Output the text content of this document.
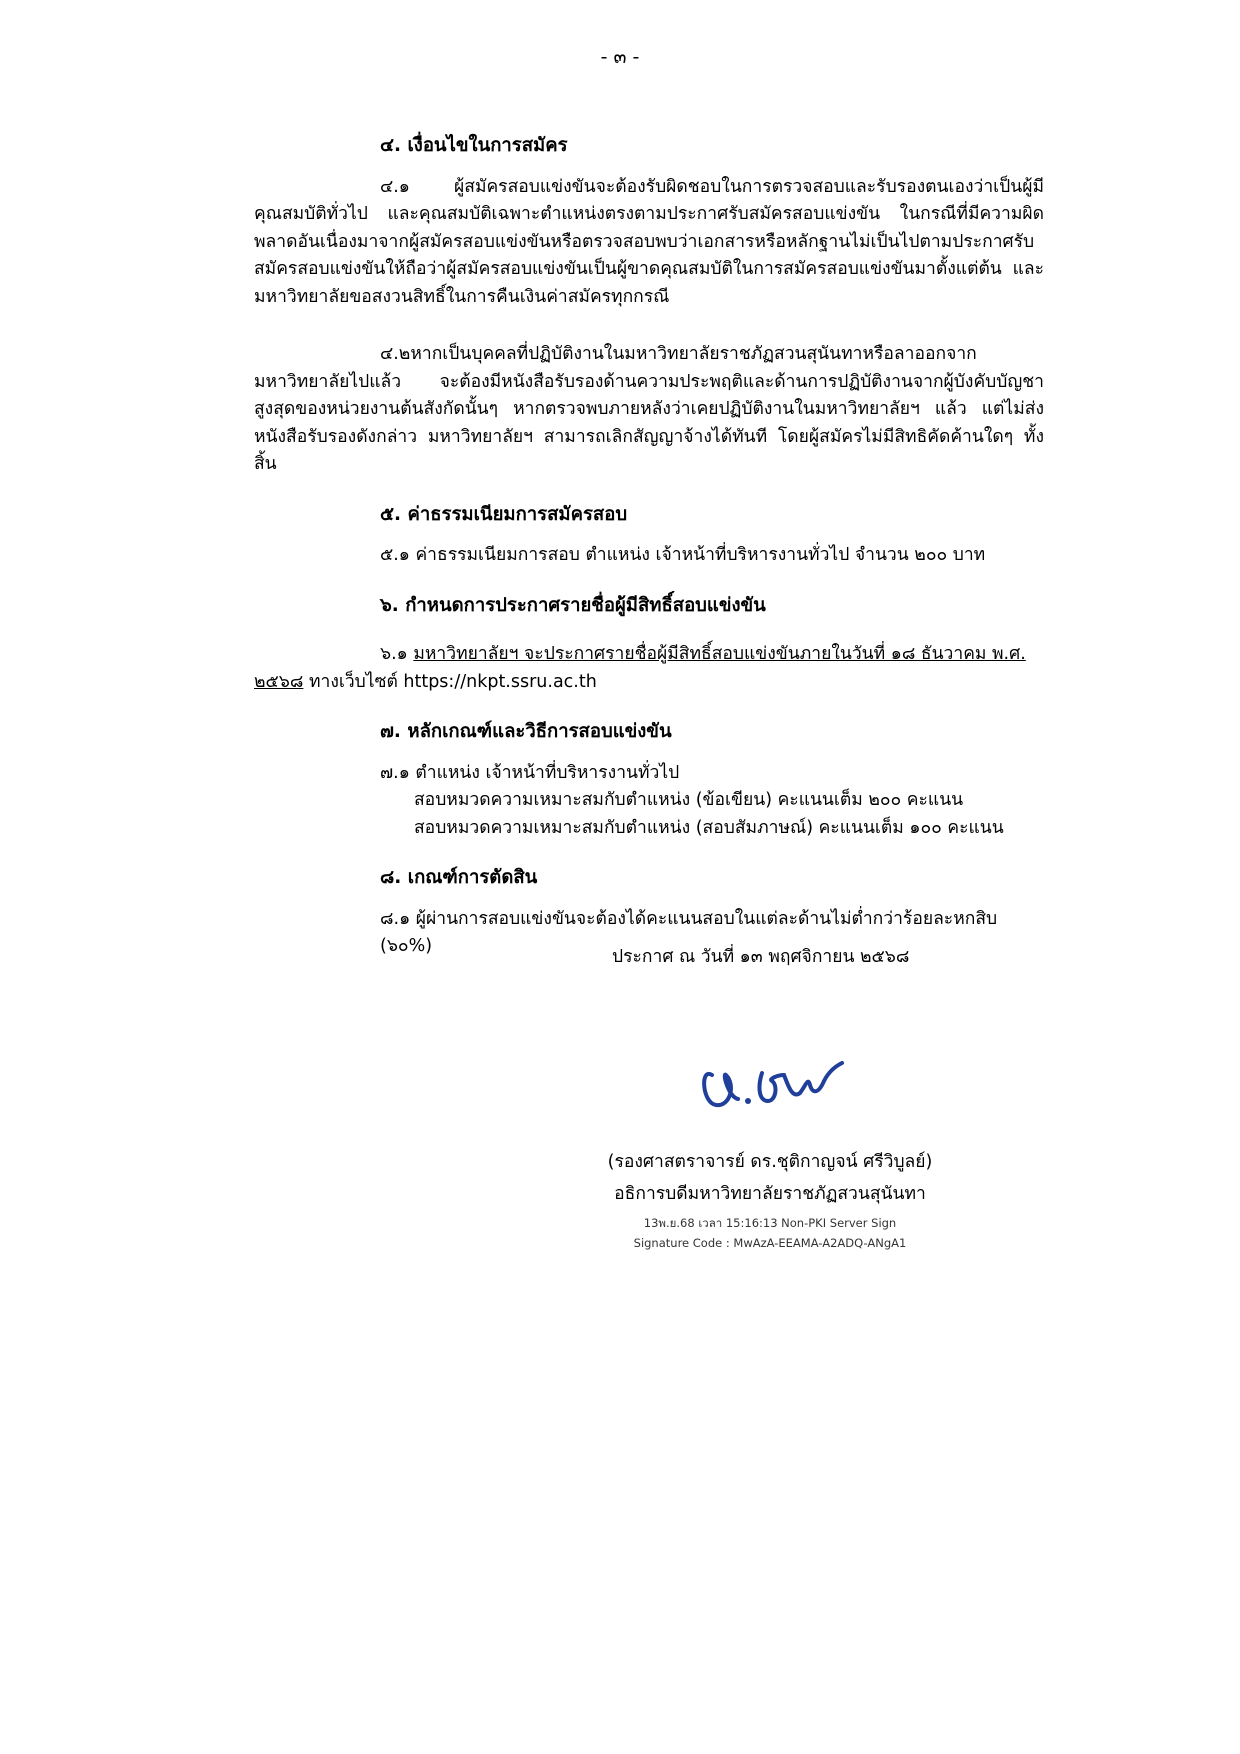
- ๓ -

๔. เงื่อนไขในการสมัคร

๔.๑ ผู้สมัครสอบแข่งขันจะต้องรับผิดชอบในการตรวจสอบและรับรองตนเองว่าเป็นผู้มีคุณสมบัติทั่วไป และคุณสมบัติเฉพาะตำแหน่งตรงตามประกาศรับสมัครสอบแข่งขัน ในกรณีที่มีความผิดพลาดอันเนื่องมาจากผู้สมัครสอบแข่งขันหรือตรวจสอบพบว่าเอกสารหรือหลักฐานไม่เป็นไปตามประกาศรับสมัครสอบแข่งขันให้ถือว่าผู้สมัครสอบแข่งขันเป็นผู้ขาดคุณสมบัติในการสมัครสอบแข่งขันมาตั้งแต่ต้น และมหาวิทยาลัยขอสงวนสิทธิ์ในการคืนเงินค่าสมัครทุกกรณี

๔.๒หากเป็นบุคคลที่ปฏิบัติงานในมหาวิทยาลัยราชภัฏสวนสุนันทาหรือลาออกจากมหาวิทยาลัยไปแล้ว จะต้องมีหนังสือรับรองด้านความประพฤติและด้านการปฏิบัติงานจากผู้บังคับบัญชาสูงสุดของหน่วยงานต้นสังกัดนั้นๆ หากตรวจพบภายหลังว่าเคยปฏิบัติงานในมหาวิทยาลัยฯ แล้ว แต่ไม่ส่งหนังสือรับรองดังกล่าว มหาวิทยาลัยฯ สามารถเลิกสัญญาจ้างได้ทันที โดยผู้สมัครไม่มีสิทธิคัดค้านใดๆ ทั้งสิ้น

๕. ค่าธรรมเนียมการสมัครสอบ

๕.๑ ค่าธรรมเนียมการสอบ ตำแหน่ง เจ้าหน้าที่บริหารงานทั่วไป จำนวน ๒๐๐ บาท

๖. กำหนดการประกาศรายชื่อผู้มีสิทธิ์สอบแข่งขัน

๖.๑ มหาวิทยาลัยฯ จะประกาศรายชื่อผู้มีสิทธิ์สอบแข่งขันภายในวันที่ ๑๘ ธันวาคม พ.ศ.
๒๕๖๘ ทางเว็บไซต์ https://nkpt.ssru.ac.th

๗. หลักเกณฑ์และวิธีการสอบแข่งขัน

๗.๑ ตำแหน่ง เจ้าหน้าที่บริหารงานทั่วไป

สอบหมวดความเหมาะสมกับตำแหน่ง (ข้อเขียน) คะแนนเต็ม ๒๐๐ คะแนน

สอบหมวดความเหมาะสมกับตำแหน่ง (สอบสัมภาษณ์) คะแนนเต็ม ๑๐๐ คะแนน

๘. เกณฑ์การตัดสิน

๘.๑ ผู้ผ่านการสอบแข่งขันจะต้องได้คะแนนสอบในแต่ละด้านไม่ต่ำกว่าร้อยละหกสิบ (๖๐%)

ประกาศ ณ วันที่ ๑๓ พฤศจิกายน ๒๕๖๘
(รองศาสตราจารย์ ดร.ชุติกาญจน์ ศรีวิบูลย์)
อธิการบดีมหาวิทยาลัยราชภัฏสวนสุนันทา
13พ.ย.68 เวลา 15:16:13 Non-PKI Server Sign
Signature Code : MwAzA-EEAMA-A2ADQ-ANgA1
